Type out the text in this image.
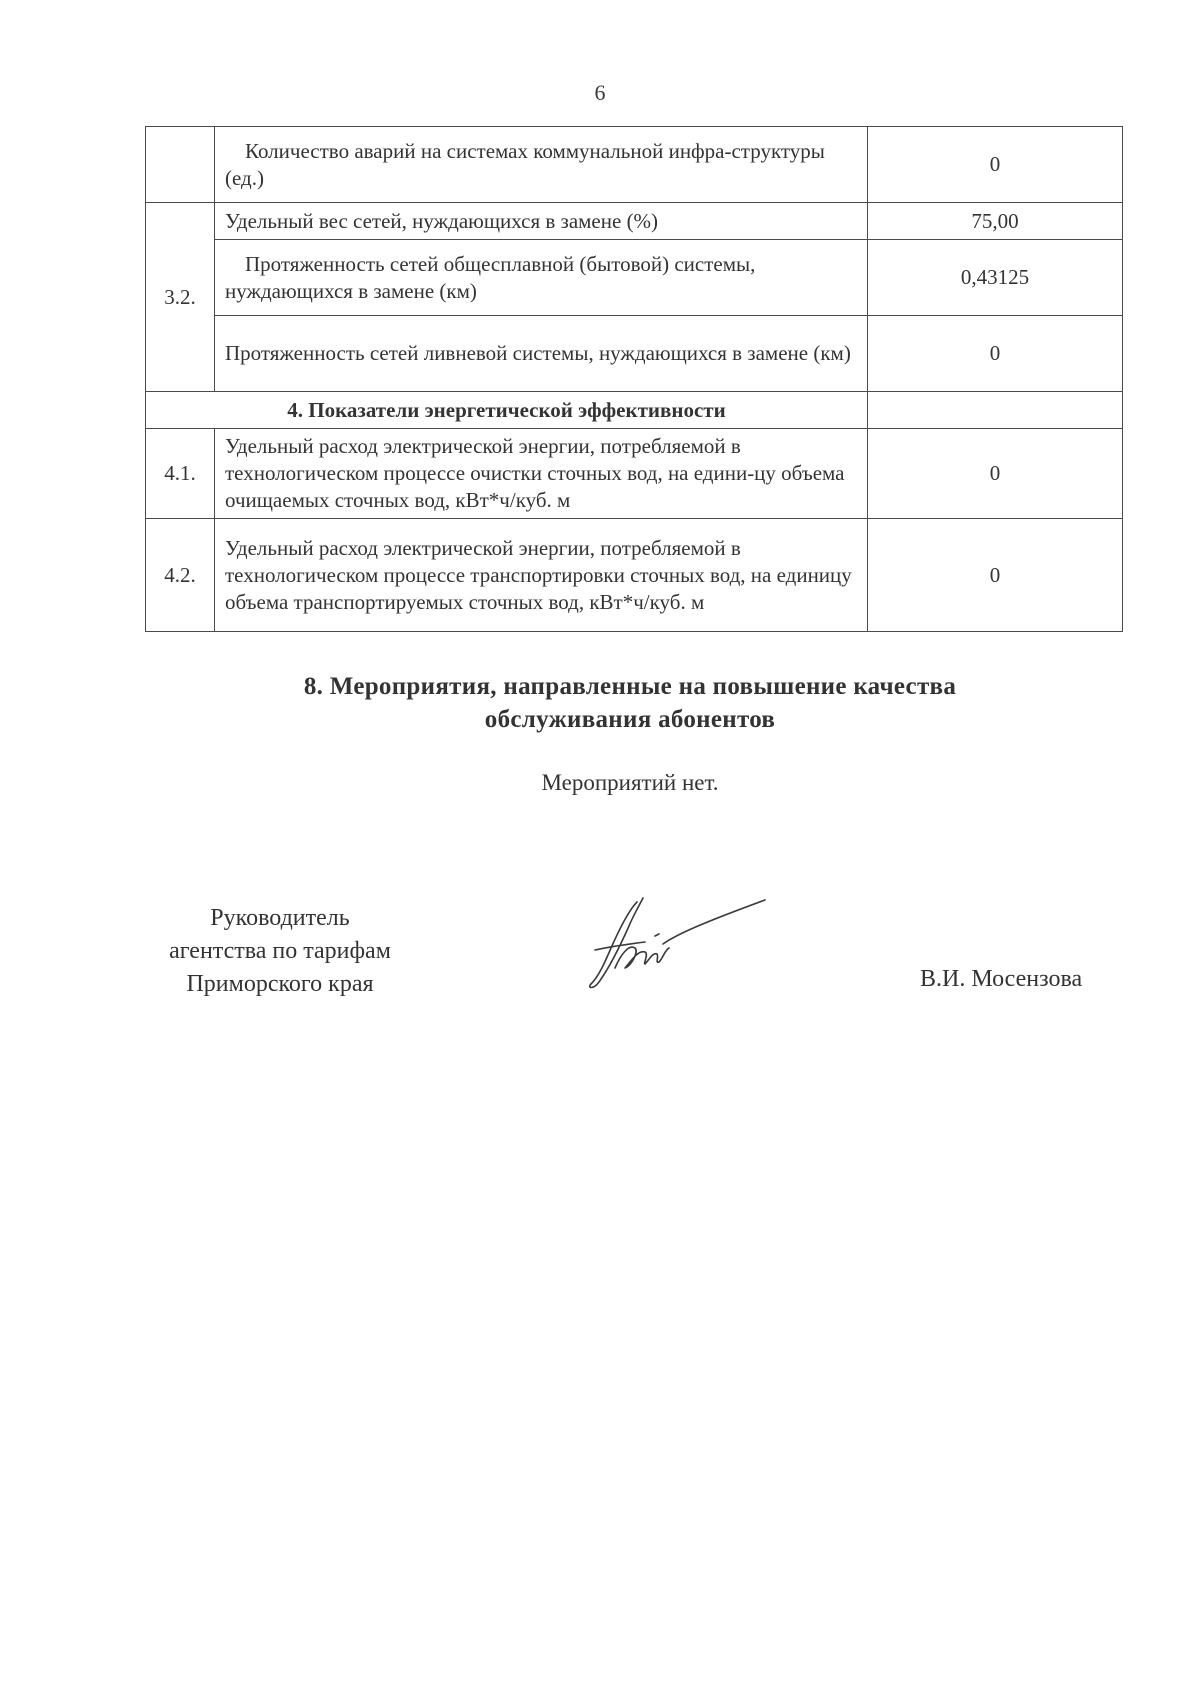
6
	Количество аварий на системах коммунальной инфра-структуры (ед.)	0
3.2.	Удельный вес сетей, нуждающихся в замене (%)	75,00
	Протяженность сетей общесплавной (бытовой) системы, нуждающихся в замене (км)	0,43125
	Протяженность сетей ливневой системы, нуждающихся в замене (км)	0
4. Показатели энергетической эффективности		
4.1.	Удельный расход электрической энергии, потребляемой в технологическом процессе очистки сточных вод, на едини-цу объема очищаемых сточных вод, кВт*ч/куб. м	0
4.2.	Удельный расход электрической энергии, потребляемой в технологическом процессе транспортировки сточных вод, на единицу объема транспортируемых сточных вод, кВт*ч/куб. м	0
8. Мероприятия, направленные на повышение качества
обслуживания абонентов
Мероприятий нет.
Руководитель
агентства по тарифам
Приморского края	В.И. Мосензова
